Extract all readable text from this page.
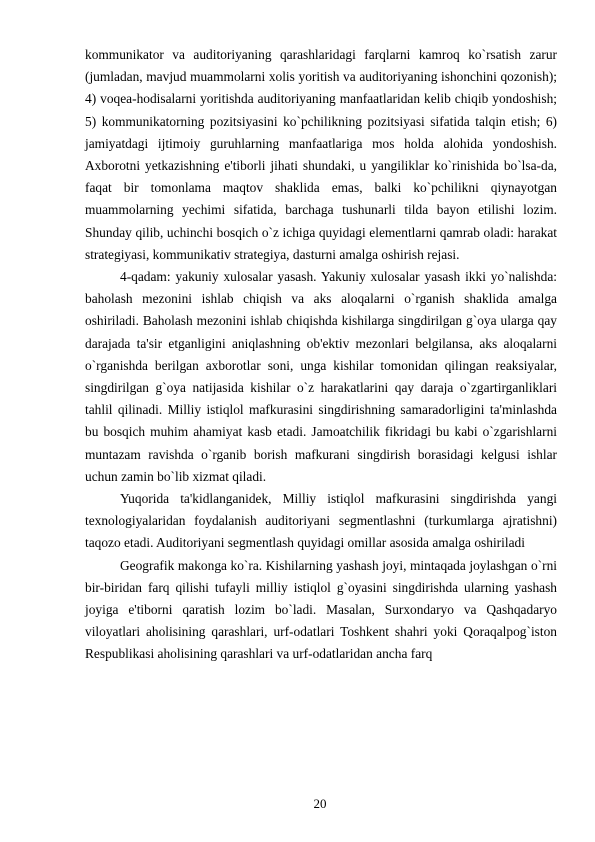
kommunikator va auditoriyaning qarashlaridagi farqlarni kamroq ko`rsatish zarur (jumladan, mavjud muammolarni xolis yoritish va auditoriyaning ishonchini qozonish); 4) voqea-hodisalarni yoritishda auditoriyaning manfaatlaridan kelib chiqib yondoshish; 5) kommunikatorning pozitsiyasini ko`pchilikning pozitsiyasi sifatida talqin etish; 6) jamiyatdagi ijtimoiy guruhlarning manfaatlariga mos holda alohida yondoshish. Axborotni yetkazishning e'tiborli jihati shundaki, u yangiliklar ko`rinishida bo`lsa-da, faqat bir tomonlama maqtov shaklida emas, balki ko`pchilikni qiynayotgan muammolarning yechimi sifatida, barchaga tushunarli tilda bayon etilishi lozim. Shunday qilib, uchinchi bosqich o`z ichiga quyidagi elementlarni qamrab oladi: harakat strategiyasi, kommunikativ strategiya, dasturni amalga oshirish rejasi.

4-qadam: yakuniy xulosalar yasash. Yakuniy xulosalar yasash ikki yo`nalishda: baholash mezonini ishlab chiqish va aks aloqalarni o`rganish shaklida amalga oshiriladi. Baholash mezonini ishlab chiqishda kishilarga singdirilgan g`oya ularga qay darajada ta'sir etganligini aniqlashning ob'ektiv mezonlari belgilansa, aks aloqalarni o`rganishda berilgan axborotlar soni, unga kishilar tomonidan qilingan reaksiyalar, singdirilgan g`oya natijasida kishilar o`z harakatlarini qay daraja o`zgartirganliklari tahlil qilinadi. Milliy istiqlol mafkurasini singdirishning samaradorligini ta'minlashda bu bosqich muhim ahamiyat kasb etadi. Jamoatchilik fikridagi bu kabi o`zgarishlarni muntazam ravishda o`rganib borish mafkurani singdirish borasidagi kelgusi ishlar uchun zamin bo`lib xizmat qiladi.

Yuqorida ta'kidlanganidek, Milliy istiqlol mafkurasini singdirishda yangi texnologiyalaridan foydalanish auditoriyani segmentlashni (turkumlarga ajratishni) taqozo etadi. Auditoriyani segmentlash quyidagi omillar asosida amalga oshiriladi

Geografik makonga ko`ra. Kishilarning yashash joyi, mintaqada joylashgan o`rni bir-biridan farq qilishi tufayli milliy istiqlol g`oyasini singdirishda ularning yashash joyiga e'tiborni qaratish lozim bo`ladi. Masalan, Surxondaryo va Qashqadaryo viloyatlari aholisining qarashlari, urf-odatlari Toshkent shahri yoki Qoraqalpog`iston Respublikasi aholisining qarashlari va urf-odatlaridan ancha farq

20
